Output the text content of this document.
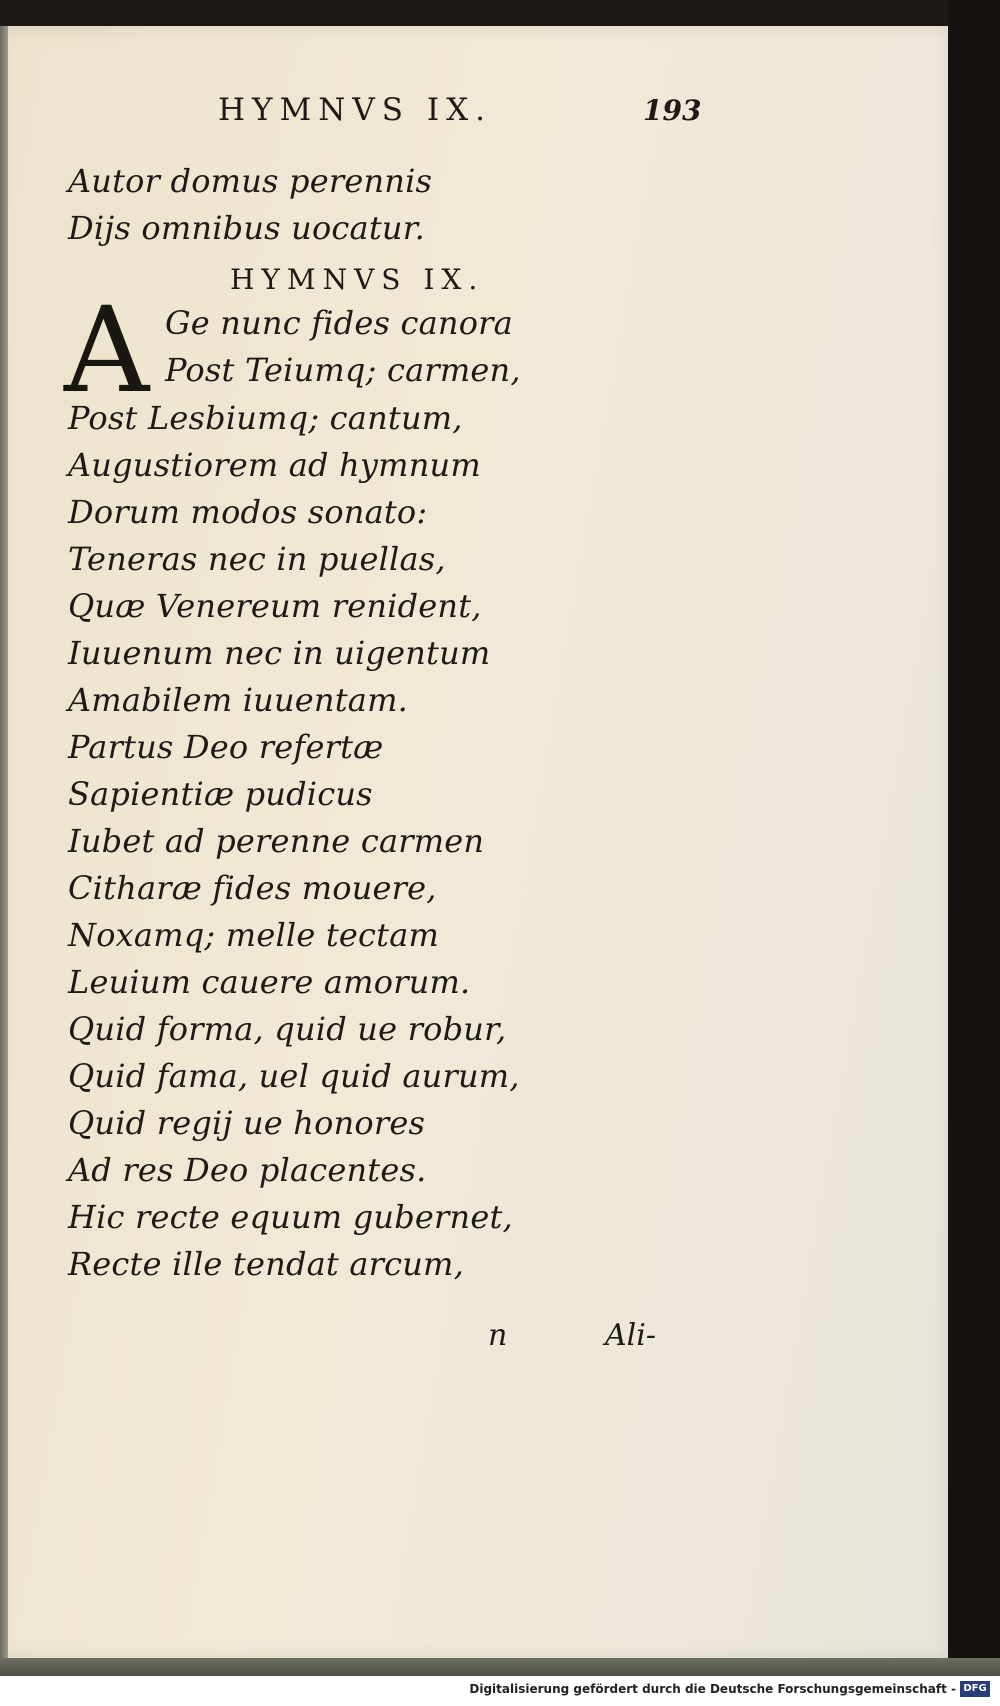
HYMNVS IX.	193
Autor domus perennis
Dijs omnibus uocatur.
HYMNVS IX.
A Ge nunc fides canora
Post Teiumq; carmen,
Post Lesbiumq; cantum,
Augustiorem ad hymnum
Dorum modos sonato:
Teneras nec in puellas,
Quæ Venereum renident,
Iuuenum nec in uigentum
Amabilem iuuentam.
Partus Deo refertæ
Sapientiæ pudicus
Iubet ad perenne carmen
Citharæ fides mouere,
Noxamq; melle tectam
Leuium cauere amorum.
Quid forma, quid ue robur,
Quid fama, uel quid aurum,
Quid regij ue honores
Ad res Deo placentes.
Hic recte equum gubernet,
Recte ille tendat arcum,
n	Ali-
Digitalisierung gefördert durch die Deutsche Forschungsgemeinschaft - DFG
